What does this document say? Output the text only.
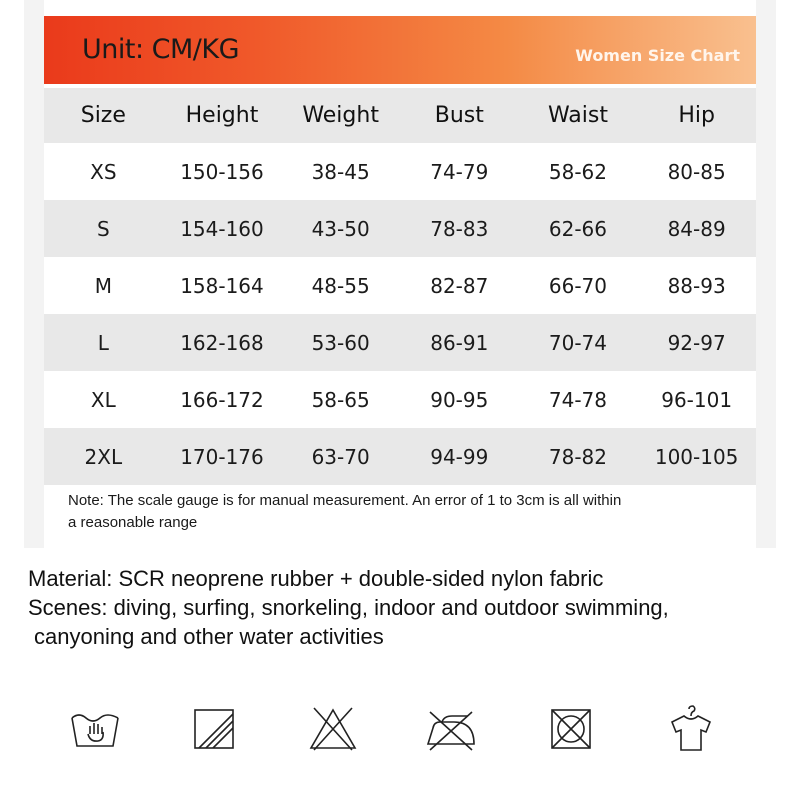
Unit: CM/KG	Women Size Chart
Size	Height	Weight	Bust	Waist	Hip
XS	150-156	38-45	74-79	58-62	80-85
S	154-160	43-50	78-83	62-66	84-89
M	158-164	48-55	82-87	66-70	88-93
L	162-168	53-60	86-91	70-74	92-97
XL	166-172	58-65	90-95	74-78	96-101
2XL	170-176	63-70	94-99	78-82	100-105
Note: The scale gauge is for manual measurement. An error of 1 to 3cm is all within
a reasonable range
Material: SCR neoprene rubber + double-sided nylon fabric
Scenes: diving, surfing, snorkeling, indoor and outdoor swimming,
canyoning and other water activities
